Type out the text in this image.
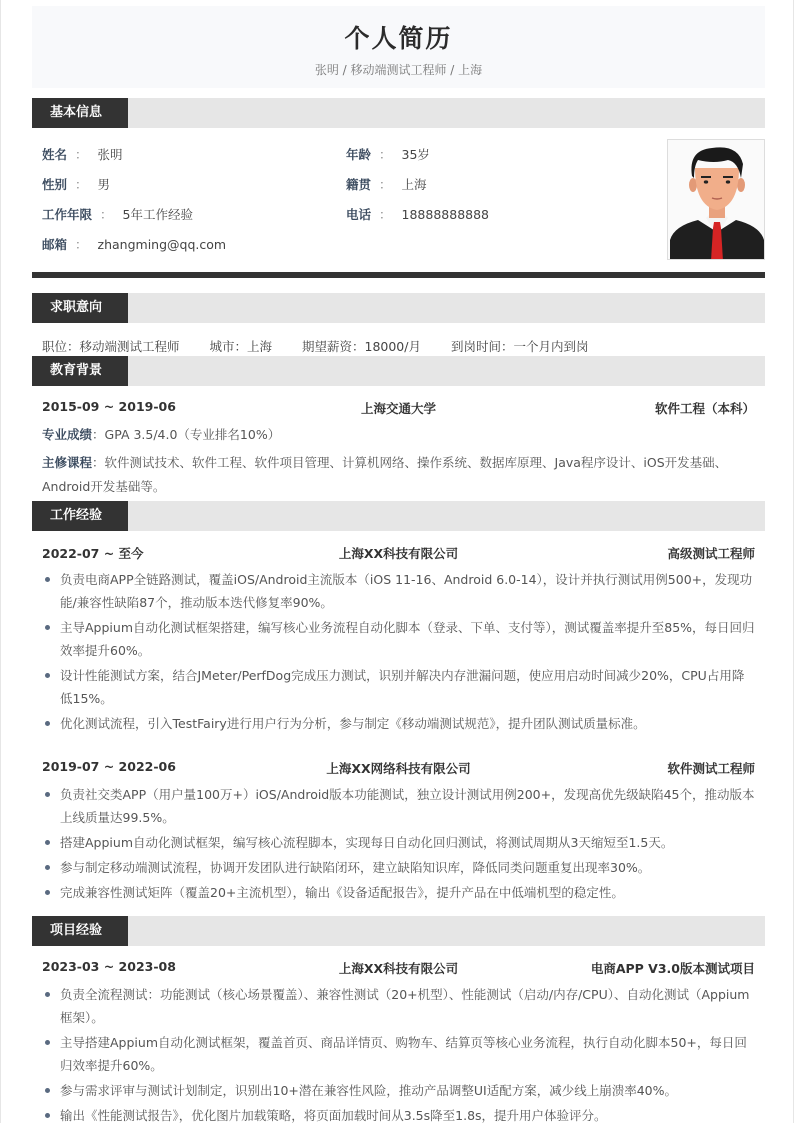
个人简历
张明 / 移动端测试工程师 / 上海
基本信息
姓名 ： 张明
性别 ： 男
工作年限 ： 5年工作经验
邮箱 ： zhangming@qq.com
年龄 ： 35岁
籍贯 ： 上海
电话 ： 18888888888
求职意向
职位：移动端测试工程师 城市：上海 期望薪资：18000/月 到岗时间：一个月内到岗
教育背景
2015-09 ~ 2019-06	上海交通大学	软件工程（本科）
专业成绩：GPA 3.5/4.0（专业排名10%）
主修课程：软件测试技术、软件工程、软件项目管理、计算机网络、操作系统、数据库原理、Java程序设计、iOS开发基础、Android开发基础等。
工作经验
2022-07 ~ 至今	上海XX科技有限公司	高级测试工程师
负责电商APP全链路测试，覆盖iOS/Android主流版本（iOS 11-16、Android 6.0-14），设计并执行测试用例500+，发现功能/兼容性缺陷87个，推动版本迭代修复率90%。
主导Appium自动化测试框架搭建，编写核心业务流程自动化脚本（登录、下单、支付等），测试覆盖率提升至85%，每日回归效率提升60%。
设计性能测试方案，结合JMeter/PerfDog完成压力测试，识别并解决内存泄漏问题，使应用启动时间减少20%，CPU占用降低15%。
优化测试流程，引入TestFairy进行用户行为分析，参与制定《移动端测试规范》，提升团队测试质量标准。
2019-07 ~ 2022-06	上海XX网络科技有限公司	软件测试工程师
负责社交类APP（用户量100万+）iOS/Android版本功能测试，独立设计测试用例200+，发现高优先级缺陷45个，推动版本上线质量达99.5%。
搭建Appium自动化测试框架，编写核心流程脚本，实现每日自动化回归测试，将测试周期从3天缩短至1.5天。
参与制定移动端测试流程，协调开发团队进行缺陷闭环，建立缺陷知识库，降低同类问题重复出现率30%。
完成兼容性测试矩阵（覆盖20+主流机型），输出《设备适配报告》，提升产品在中低端机型的稳定性。
项目经验
2023-03 ~ 2023-08	上海XX科技有限公司	电商APP V3.0版本测试项目
负责全流程测试：功能测试（核心场景覆盖）、兼容性测试（20+机型）、性能测试（启动/内存/CPU）、自动化测试（Appium框架）。
主导搭建Appium自动化测试框架，覆盖首页、商品详情页、购物车、结算页等核心业务流程，执行自动化脚本50+，每日回归效率提升60%。
参与需求评审与测试计划制定，识别出10+潜在兼容性风险，推动产品调整UI适配方案，减少线上崩溃率40%。
输出《性能测试报告》，优化图片加载策略，将页面加载时间从3.5s降至1.8s，提升用户体验评分。
